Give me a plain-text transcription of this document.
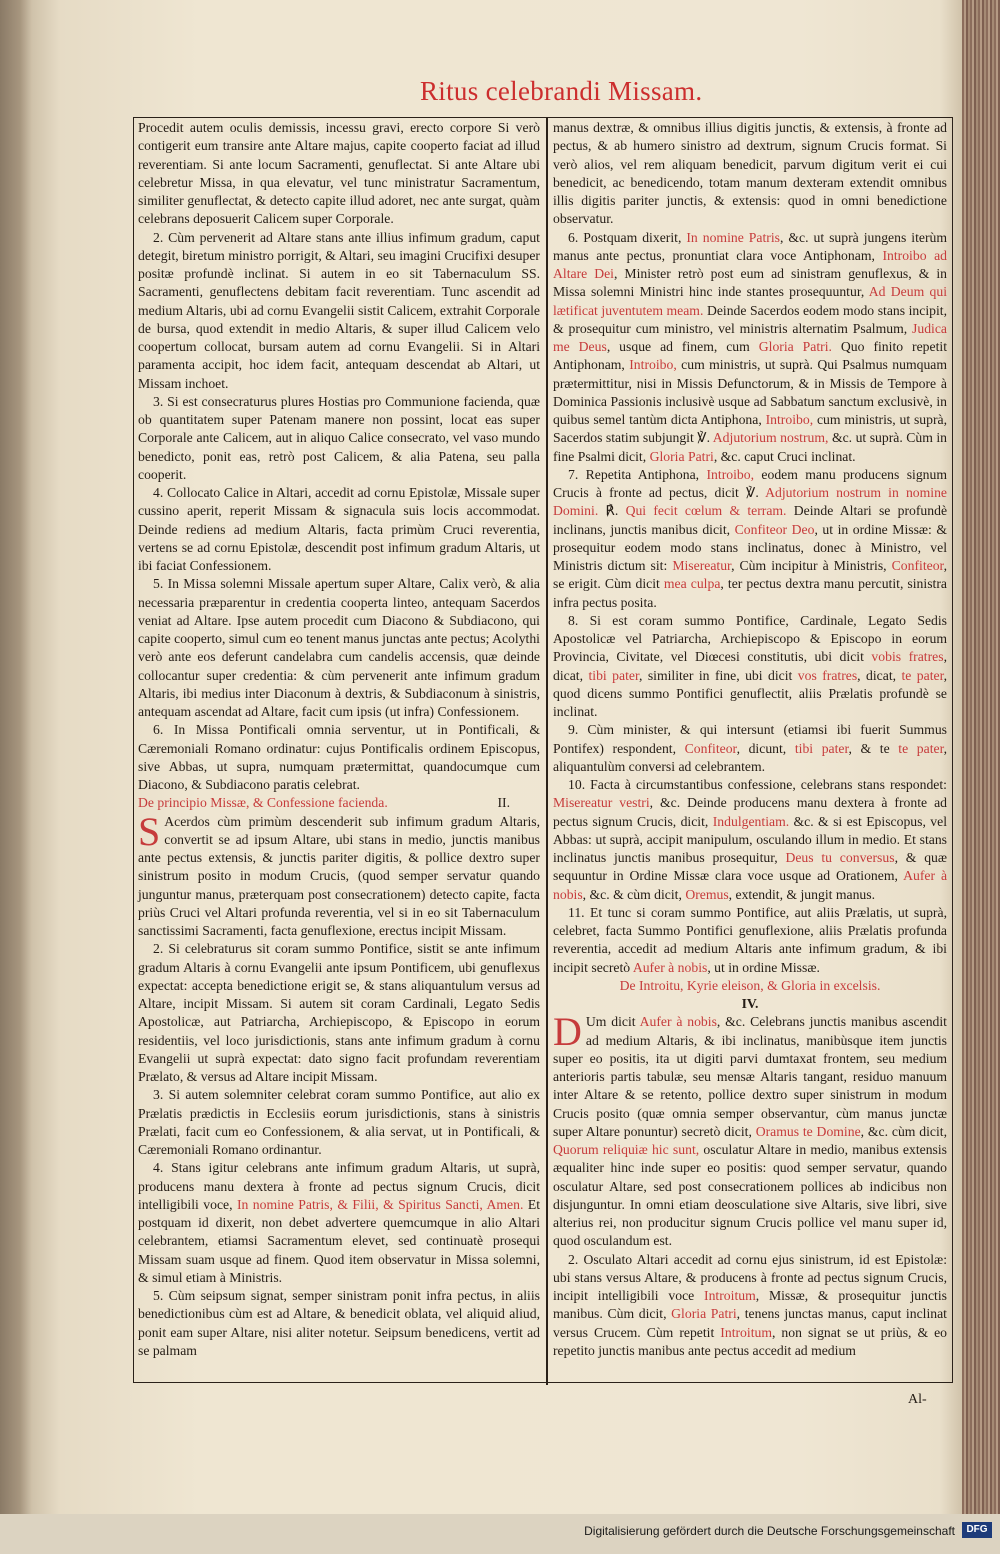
Ritus celebrandi Missam.

Procedit autem oculis demissis, incessu gravi, erecto corpore Si verò contigerit eum transire ante Altare majus, capite cooperto faciat ad illud reverentiam. Si ante locum Sacramenti, genuflectat. Si ante Altare ubi celebretur Missa, in qua elevatur, vel tunc ministratur Sacramentum, similiter genuflectat, & detecto capite illud adoret, nec ante surgat, quàm celebrans deposuerit Calicem super Corporale.

2. Cùm pervenerit ad Altare stans ante illius infimum gradum, caput detegit, biretum ministro porrigit, & Altari, seu imagini Crucifixi desuper positæ profundè inclinat. Si autem in eo sit Tabernaculum SS. Sacramenti, genuflectens debitam facit reverentiam. Tunc ascendit ad medium Altaris, ubi ad cornu Evangelii sistit Calicem, extrahit Corporale de bursa, quod extendit in medio Altaris, & super illud Calicem velo coopertum collocat, bursam autem ad cornu Evangelii. Si in Altari paramenta accipit, hoc idem facit, antequam descendat ab Altari, ut Missam inchoet.

3. Si est consecraturus plures Hostias pro Communione facienda, quæ ob quantitatem super Patenam manere non possint, locat eas super Corporale ante Calicem, aut in aliquo Calice consecrato, vel vaso mundo benedicto, ponit eas, retrò post Calicem, & alia Patena, seu palla cooperit.

4. Collocato Calice in Altari, accedit ad cornu Epistolæ, Missale super cussino aperit, reperit Missam & signacula suis locis accommodat. Deinde rediens ad medium Altaris, facta primùm Cruci reverentia, vertens se ad cornu Epistolæ, descendit post infimum gradum Altaris, ut ibi faciat Confessionem.

5. In Missa solemni Missale apertum super Altare, Calix verò, & alia necessaria præparentur in credentia cooperta linteo, antequam Sacerdos veniat ad Altare. Ipse autem procedit cum Diacono & Subdiacono, qui capite cooperto, simul cum eo tenent manus junctas ante pectus; Acolythi verò ante eos deferunt candelabra cum candelis accensis, quæ deinde collocantur super credentia: & cùm pervenerit ante infimum gradum Altaris, ibi medius inter Diaconum à dextris, & Subdiaconum à sinistris, antequam ascendat ad Altare, facit cum ipsis (ut infra) Confessionem.

6. In Missa Pontificali omnia serventur, ut in Pontificali, & Cæremoniali Romano ordinatur: cujus Pontificalis ordinem Episcopus, sive Abbas, ut supra, numquam prætermittat, quandocumque cum Diacono, & Subdiacono paratis celebrat.

De principio Missæ, & Confessione facienda.	II.

S Acerdos cùm primùm descenderit sub infimum gradum Altaris, convertit se ad ipsum Altare, ubi stans in medio, junctis manibus ante pectus extensis, & junctis pariter digitis, & pollice dextro super sinistrum posito in modum Crucis, (quod semper servatur quando junguntur manus, præterquam post consecrationem) detecto capite, facta priùs Cruci vel Altari profunda reverentia, vel si in eo sit Tabernaculum sanctissimi Sacramenti, facta genuflexione, erectus incipit Missam.

2. Si celebraturus sit coram summo Pontifice, sistit se ante infimum gradum Altaris à cornu Evangelii ante ipsum Pontificem, ubi genuflexus expectat: accepta benedictione erigit se, & stans aliquantulum versus ad Altare, incipit Missam. Si autem sit coram Cardinali, Legato Sedis Apostolicæ, aut Patriarcha, Archiepiscopo, & Episcopo in eorum residentiis, vel loco jurisdictionis, stans ante infimum gradum à cornu Evangelii ut suprà expectat: dato signo facit profundam reverentiam Prælato, & versus ad Altare incipit Missam.

3. Si autem solemniter celebrat coram summo Pontifice, aut alio ex Prælatis prædictis in Ecclesiis eorum jurisdictionis, stans à sinistris Prælati, facit cum eo Confessionem, & alia servat, ut in Pontificali, & Cæremoniali Romano ordinantur.

4. Stans igitur celebrans ante infimum gradum Altaris, ut suprà, producens manu dextera à fronte ad pectus signum Crucis, dicit intelligibili voce, In nomine Patris, & Filii, & Spiritus Sancti, Amen. Et postquam id dixerit, non debet advertere quemcumque in alio Altari celebrantem, etiamsi Sacramentum elevet, sed continuatè prosequi Missam suam usque ad finem. Quod item observatur in Missa solemni, & simul etiam à Ministris.

5. Cùm seipsum signat, semper sinistram ponit infra pectus, in aliis benedictionibus cùm est ad Altare, & benedicit oblata, vel aliquid aliud, ponit eam super Altare, nisi aliter notetur. Seipsum benedicens, vertit ad se palmam

manus dextræ, & omnibus illius digitis junctis, & extensis, à fronte ad pectus, & ab humero sinistro ad dextrum, signum Crucis format. Si verò alios, vel rem aliquam benedicit, parvum digitum verit ei cui benedicit, ac benedicendo, totam manum dexteram extendit omnibus illis digitis pariter junctis, & extensis: quod in omni benedictione observatur.

6. Postquam dixerit, In nomine Patris, &c. ut suprà jungens iterùm manus ante pectus, pronuntiat clara voce Antiphonam, Introibo ad Altare Dei, Minister retrò post eum ad sinistram genuflexus, & in Missa solemni Ministri hinc inde stantes prosequuntur, Ad Deum qui lætificat juventutem meam. Deinde Sacerdos eodem modo stans incipit, & prosequitur cum ministro, vel ministris alternatim Psalmum, Judica me Deus, usque ad finem, cum Gloria Patri. Quo finito repetit Antiphonam, Introibo, cum ministris, ut suprà. Qui Psalmus numquam prætermittitur, nisi in Missis Defunctorum, & in Missis de Tempore à Dominica Passionis inclusivè usque ad Sabbatum sanctum exclusivè, in quibus semel tantùm dicta Antiphona, Introibo, cum ministris, ut suprà, Sacerdos statim subjungit ℣. Adjutorium nostrum, &c. ut suprà. Cùm in fine Psalmi dicit, Gloria Patri, &c. caput Cruci inclinat.

7. Repetita Antiphona, Introibo, eodem manu producens signum Crucis à fronte ad pectus, dicit ℣. Adjutorium nostrum in nomine Domini. ℟. Qui fecit cœlum & terram. Deinde Altari se profundè inclinans, junctis manibus dicit, Confiteor Deo, ut in ordine Missæ: & prosequitur eodem modo stans inclinatus, donec à Ministro, vel Ministris dictum sit: Misereatur, Cùm incipitur à Ministris, Confiteor, se erigit. Cùm dicit mea culpa, ter pectus dextra manu percutit, sinistra infra pectus posita.

8. Si est coram summo Pontifice, Cardinale, Legato Sedis Apostolicæ vel Patriarcha, Archiepiscopo & Episcopo in eorum Provincia, Civitate, vel Diœcesi constitutis, ubi dicit vobis fratres, dicat, tibi pater, similiter in fine, ubi dicit vos fratres, dicat, te pater, quod dicens summo Pontifici genuflectit, aliis Prælatis profundè se inclinat.

9. Cùm minister, & qui intersunt (etiamsi ibi fuerit Summus Pontifex) respondent, Confiteor, dicunt, tibi pater, & te te pater, aliquantulùm conversi ad celebrantem.

10. Facta à circumstantibus confessione, celebrans stans respondet: Misereatur vestri, &c. Deinde producens manu dextera à fronte ad pectus signum Crucis, dicit, Indulgentiam. &c. & si est Episcopus, vel Abbas: ut suprà, accipit manipulum, osculando illum in medio. Et stans inclinatus junctis manibus prosequitur, Deus tu conversus, & quæ sequuntur in Ordine Missæ clara voce usque ad Orationem, Aufer à nobis, &c. & cùm dicit, Oremus, extendit, & jungit manus.

11. Et tunc si coram summo Pontifice, aut aliis Prælatis, ut suprà, celebret, facta Summo Pontifici genuflexione, aliis Prælatis profunda reverentia, accedit ad medium Altaris ante infimum gradum, & ibi incipit secretò Aufer à nobis, ut in ordine Missæ.

De Introitu, Kyrie eleison, & Gloria in excelsis.

IV.

D Um dicit Aufer à nobis, &c. Celebrans junctis manibus ascendit ad medium Altaris, & ibi inclinatus, manibùsque item junctis super eo positis, ita ut digiti parvi dumtaxat frontem, seu medium anterioris partis tabulæ, seu mensæ Altaris tangant, residuo manuum inter Altare & se retento, pollice dextro super sinistrum in modum Crucis posito (quæ omnia semper observantur, cùm manus junctæ super Altare ponuntur) secretò dicit, Oramus te Domine, &c. cùm dicit, Quorum reliquiæ hic sunt, osculatur Altare in medio, manibus extensis æqualiter hinc inde super eo positis: quod semper servatur, quando osculatur Altare, sed post consecrationem pollices ab indicibus non disjunguntur. In omni etiam deosculatione sive Altaris, sive libri, sive alterius rei, non producitur signum Crucis pollice vel manu super id, quod osculandum est.

2. Osculato Altari accedit ad cornu ejus sinistrum, id est Epistolæ: ubi stans versus Altare, & producens à fronte ad pectus signum Crucis, incipit intelligibili voce Introitum, Missæ, & prosequitur junctis manibus. Cùm dicit, Gloria Patri, tenens junctas manus, caput inclinat versus Crucem. Cùm repetit Introitum, non signat se ut priùs, & eo repetito junctis manibus ante pectus accedit ad medium

Al-

Digitalisierung gefördert durch die Deutsche Forschungsgemeinschaft	DFG
